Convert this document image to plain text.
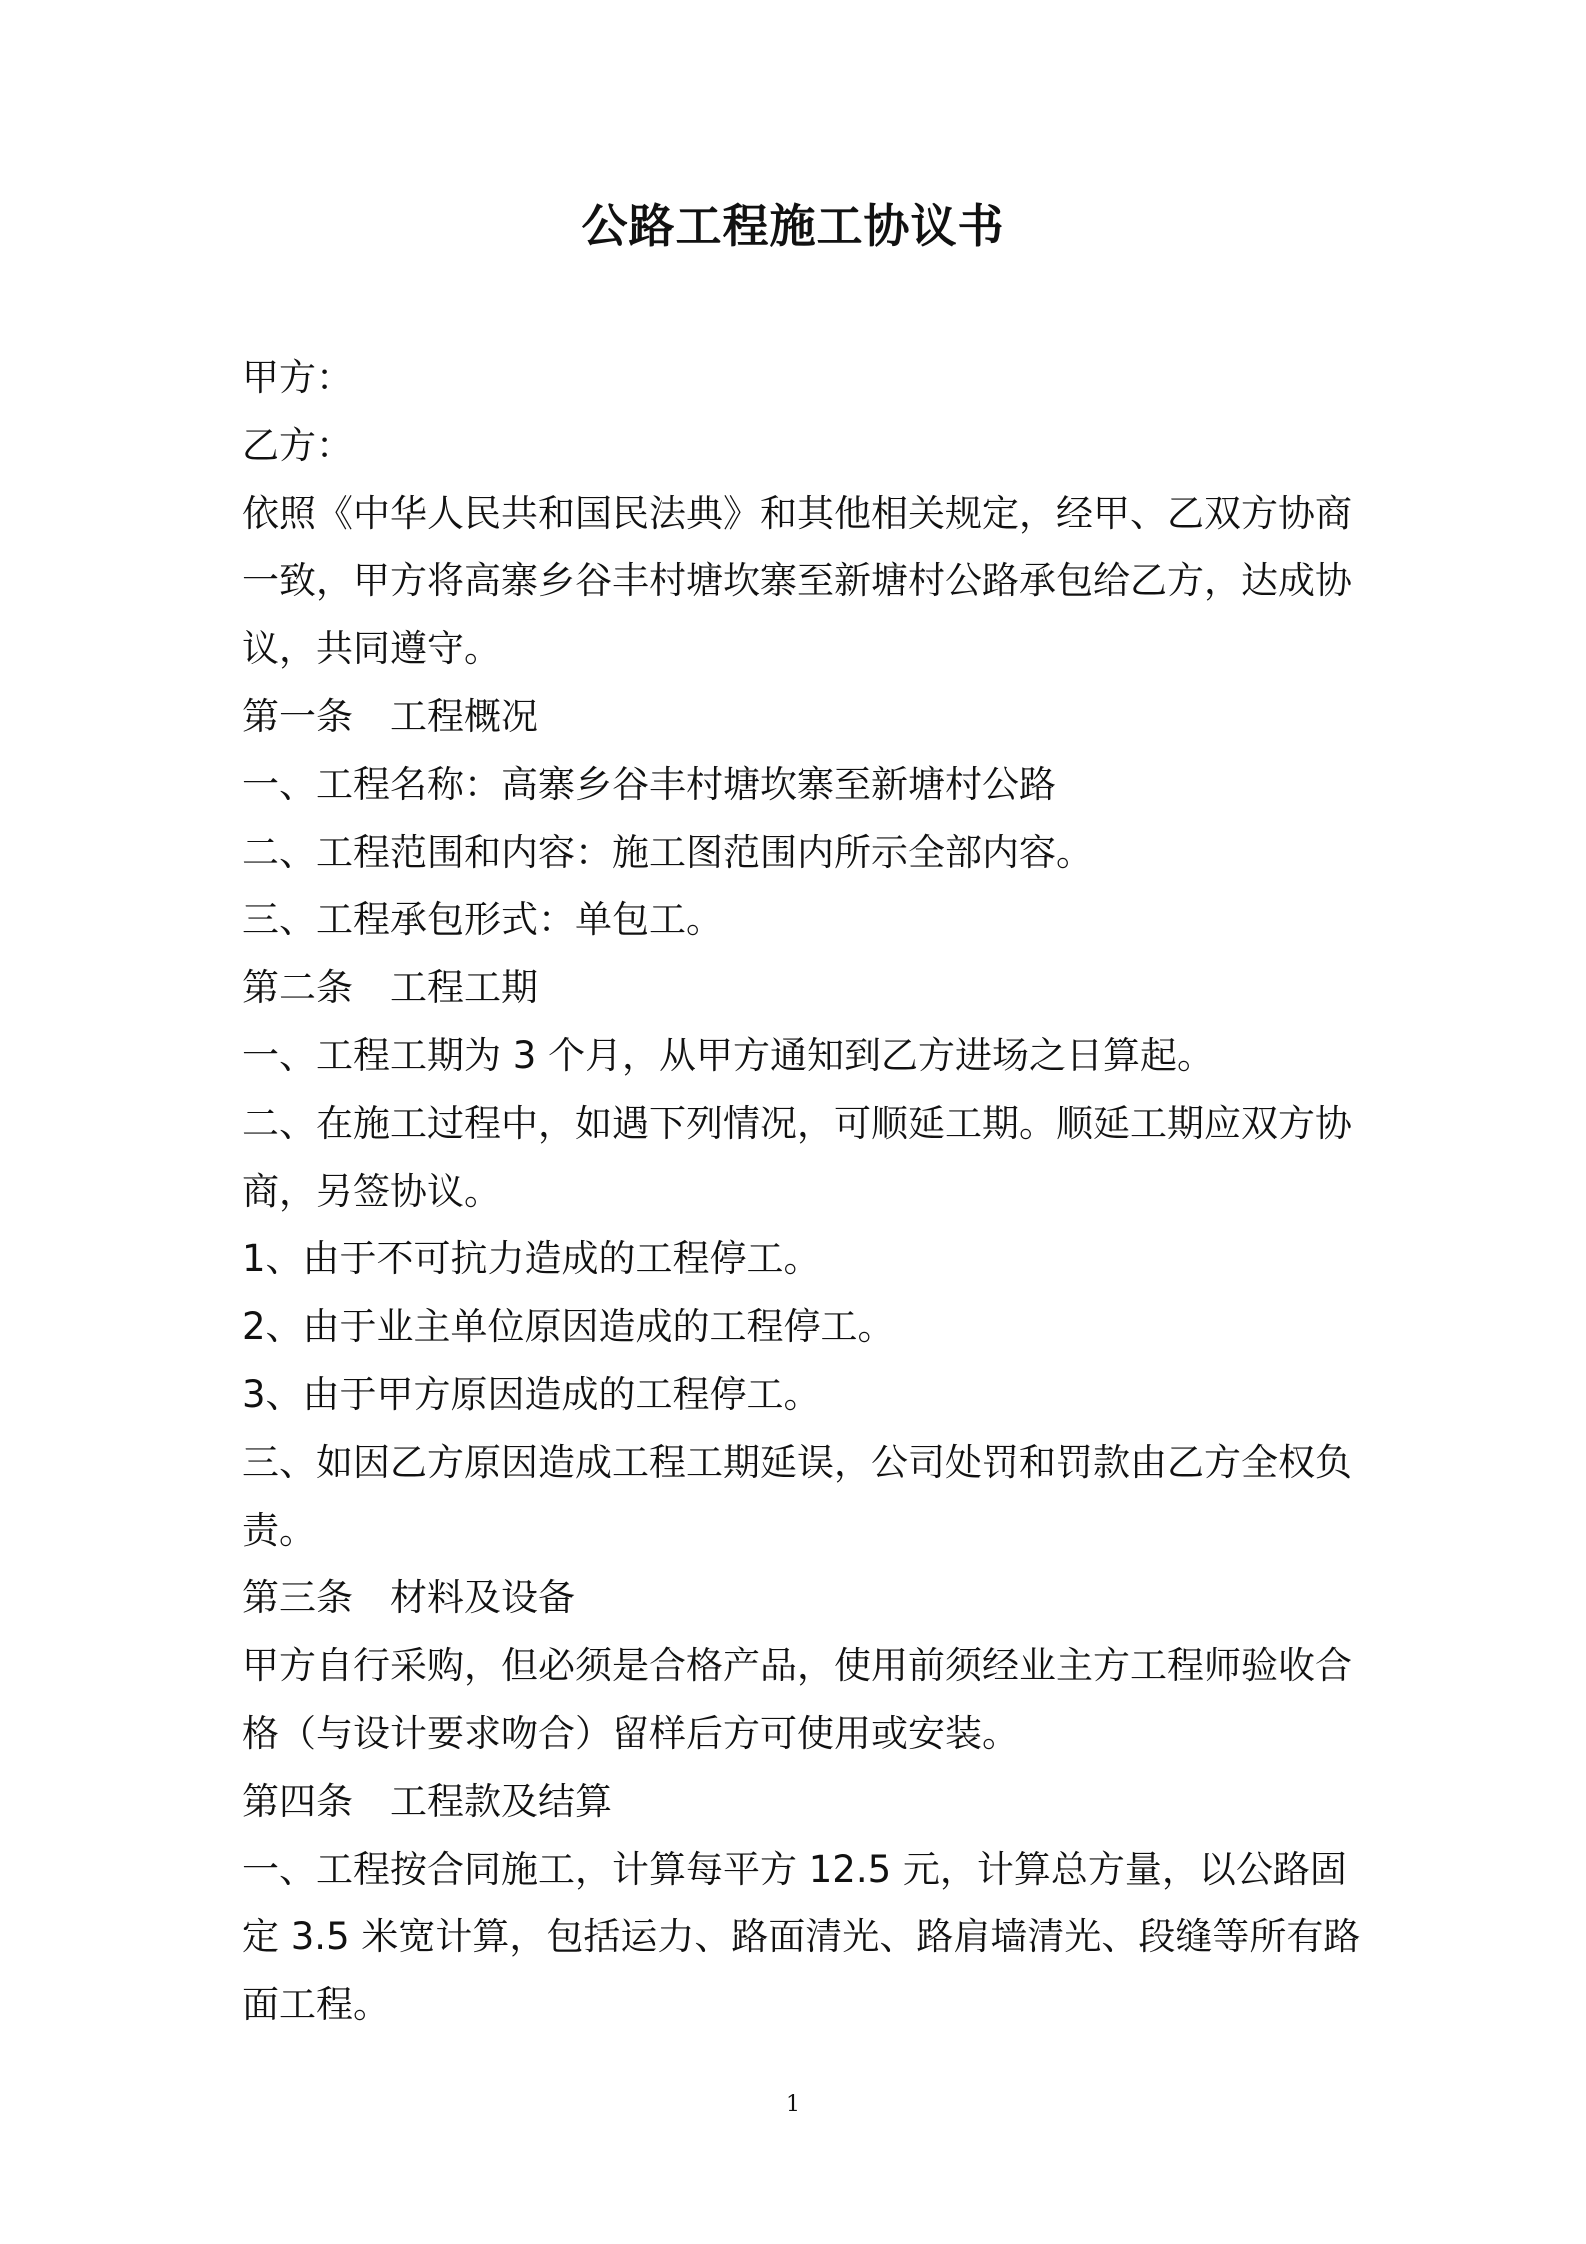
公路工程施工协议书
甲方：
乙方：
依照《中华人民共和国民法典》和其他相关规定，经甲、乙双方协商
一致，甲方将高寨乡谷丰村塘坎寨至新塘村公路承包给乙方，达成协
议，共同遵守。
第一条　工程概况
一、工程名称：高寨乡谷丰村塘坎寨至新塘村公路
二、工程范围和内容：施工图范围内所示全部内容。
三、工程承包形式：单包工。
第二条　工程工期
一、工程工期为 3 个月，从甲方通知到乙方进场之日算起。
二、在施工过程中，如遇下列情况，可顺延工期。顺延工期应双方协
商，另签协议。
1、由于不可抗力造成的工程停工。
2、由于业主单位原因造成的工程停工。
3、由于甲方原因造成的工程停工。
三、如因乙方原因造成工程工期延误，公司处罚和罚款由乙方全权负
责。
第三条　材料及设备
甲方自行采购，但必须是合格产品，使用前须经业主方工程师验收合
格（与设计要求吻合）留样后方可使用或安装。
第四条　工程款及结算
一、工程按合同施工，计算每平方 12.5 元，计算总方量，以公路固
定 3.5 米宽计算，包括运力、路面清光、路肩墙清光、段缝等所有路
面工程。
1
